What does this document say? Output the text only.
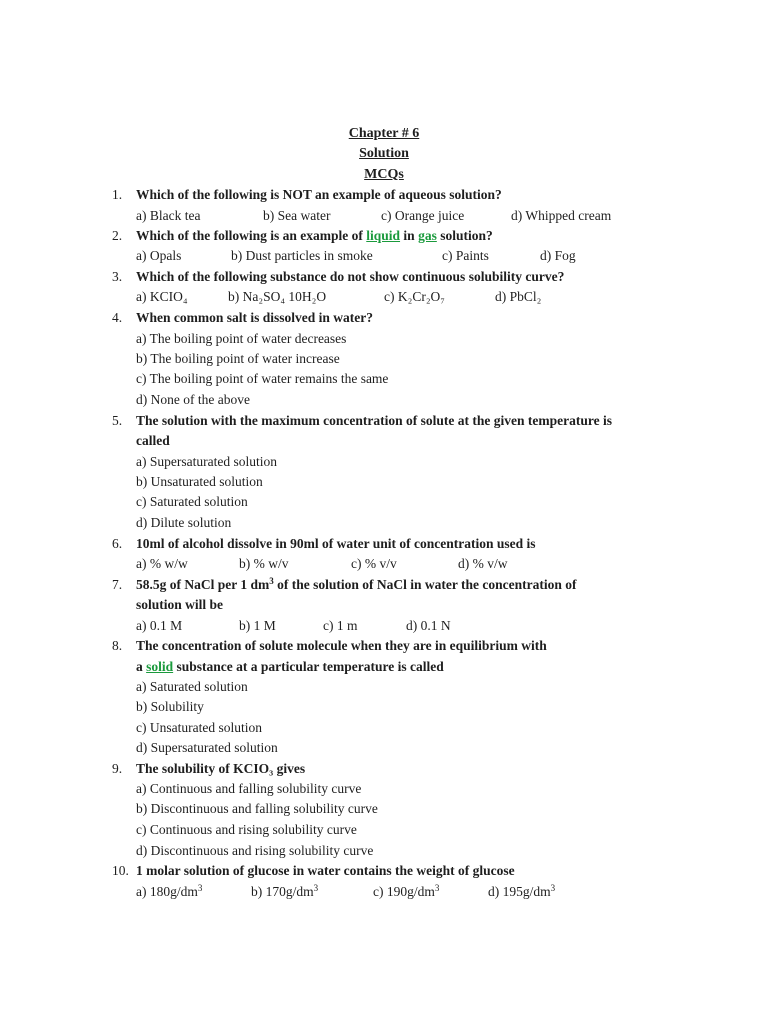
Chapter # 6
Solution
MCQs
1. Which of the following is NOT an example of aqueous solution?
a) Black tea	b) Sea water	c) Orange juice	d) Whipped cream
2. Which of the following is an example of liquid in gas solution?
a) Opals	b) Dust particles in smoke	c) Paints	d) Fog
3. Which of the following substance do not show continuous solubility curve?
a) KCIO₄	b) Na₂SO₄ 10H₂O	c) K₂Cr₂O₇	d) PbCl₂
4. When common salt is dissolved in water?
a) The boiling point of water decreases
b) The boiling point of water increase
c) The boiling point of water remains the same
d) None of the above
5. The solution with the maximum concentration of solute at the given temperature is
called
a) Supersaturated solution
b) Unsaturated solution
c) Saturated solution
d) Dilute solution
6. 10ml of alcohol dissolve in 90ml of water unit of concentration used is
a) % w/w	b) % w/v	c) % v/v	d) % v/w
7. 58.5g of NaCl per 1 $dm^3$ of the solution of NaCl in water the concentration of
solution will be
a) 0.1 M	b) 1 M	c) 1 m	d) 0.1 N
8. The concentration of solute molecule when they are in equilibrium with
a solid substance at a particular temperature is called
a) Saturated solution
b) Solubility
c) Unsaturated solution
d) Supersaturated solution
9. The solubility of KCIO₃ gives
a) Continuous and falling solubility curve
b) Discontinuous and falling solubility curve
c) Continuous and rising solubility curve
d) Discontinuous and rising solubility curve
10. 1 molar solution of glucose in water contains the weight of glucose
a) $180g/dm^3$	b) $170g/dm^3$	c) $190g/dm^3$	d) $195g/dm^3$
